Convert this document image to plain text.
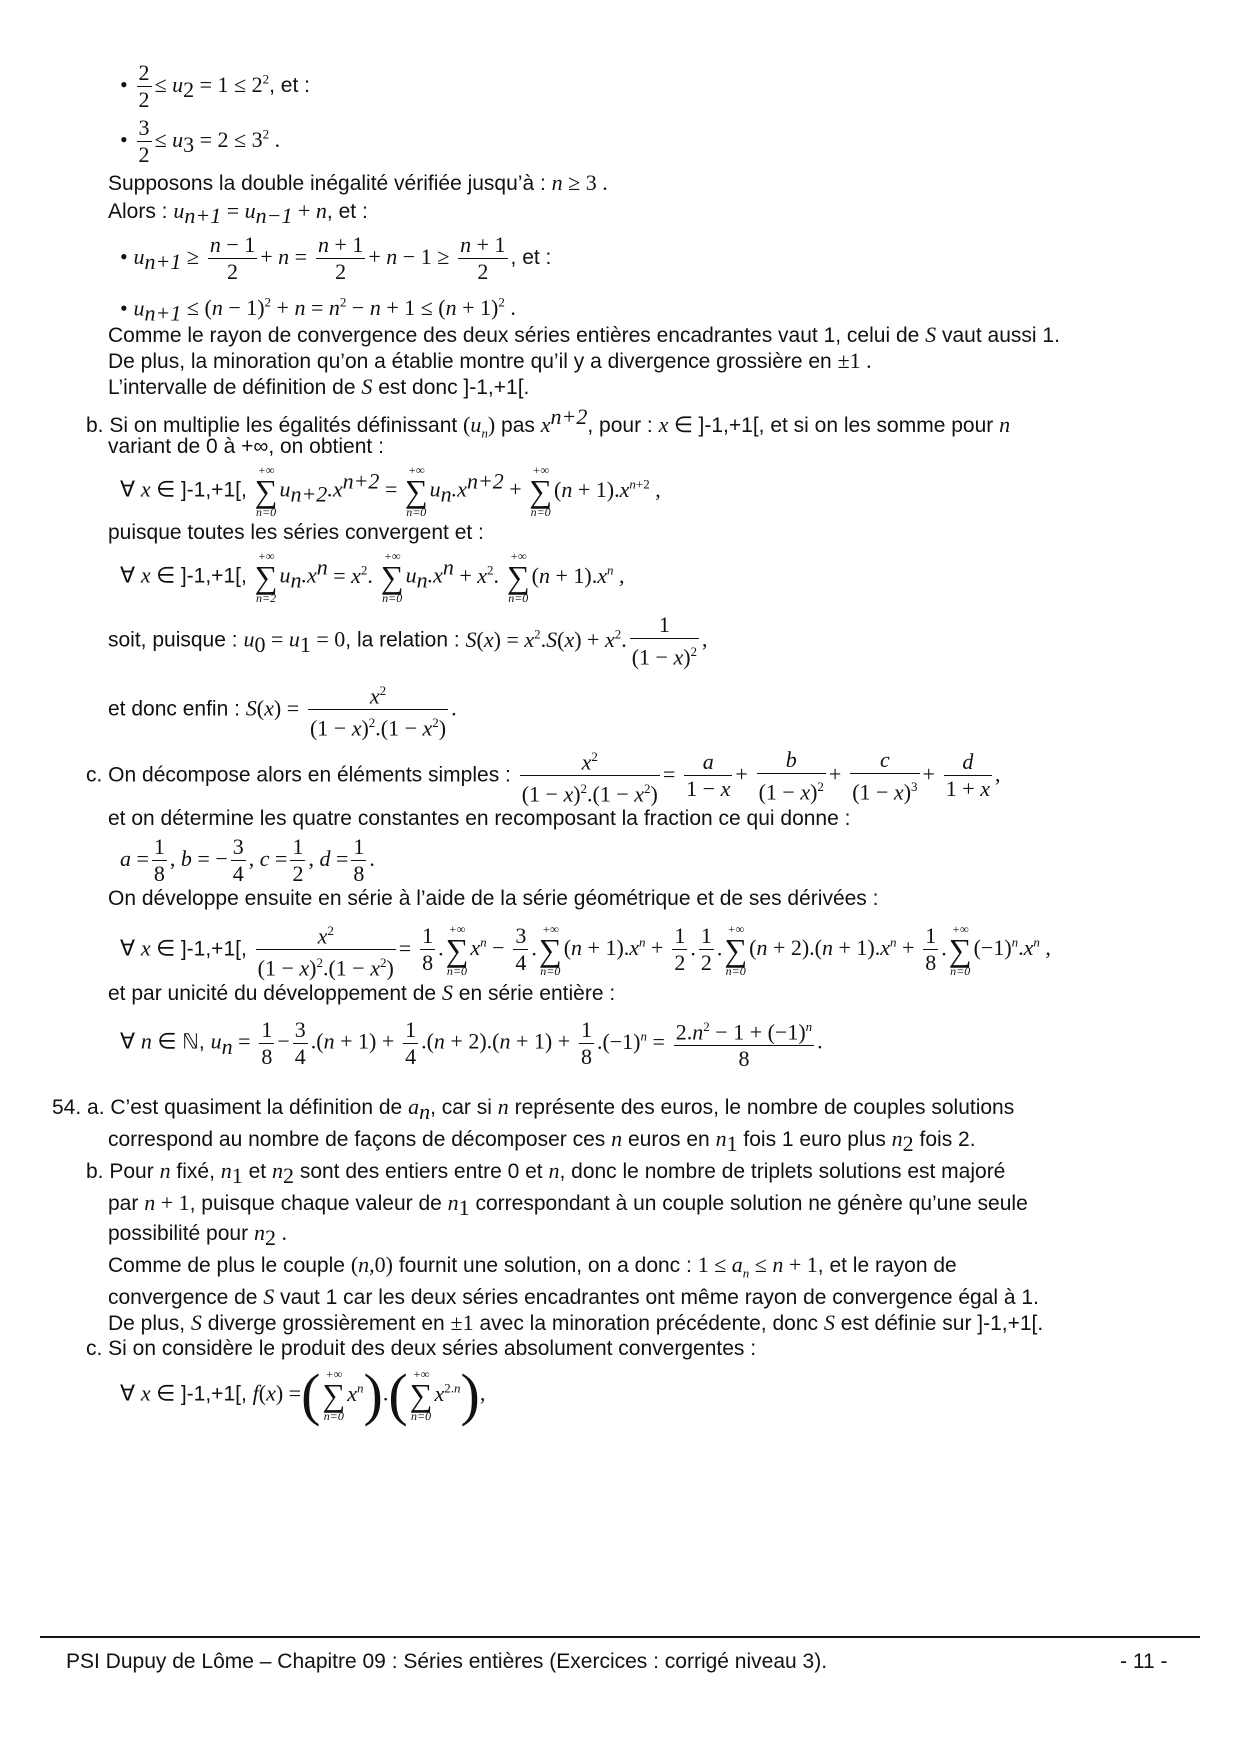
• $\frac{2}{2} \le u_2 = 1 \le 2^2$, et :
• $\frac{3}{2} \le u_3 = 2 \le 3^2$ .
Supposons la double inégalité vérifiée jusqu’à : n ≥ 3 .
Alors : $u_{n+1} = u_{n-1} + n$, et :
• $u_{n+1} \ge \frac{n - 1}{2} + n = \frac{n + 1}{2} + n - 1 \ge \frac{n + 1}{2}$ , et :
• $u_{n+1} \le (n - 1)^2 + n = n^2 - n + 1 \le (n + 1)^2$ .
Comme le rayon de convergence des deux séries entières encadrantes vaut 1, celui de S vaut aussi 1.
De plus, la minoration qu’on a établie montre qu’il y a divergence grossière en ±1 .
L’intervalle de définition de S est donc ]-1,+1[.
b. Si on multiplie les égalités définissant $(u_n)$ pas $x^{n+2}$, pour : x ∈ ]-1,+1[, et si on les somme pour n
variant de 0 à +∞, on obtient :
∀ x ∈ ]-1,+1[,
+∞
∑
n=0
$u_{n+2}.x^{n+2}$ =
+∞
∑
n=0
$u_n.x^{n+2}$ +
+∞
∑
n=0
$(n + 1).x^{n+2}$ ,
puisque toutes les séries convergent et :
∀ x ∈ ]-1,+1[,
+∞
∑
n=2
$u_n.x^n = x^2$.
+∞
∑
n=0
$u_n.x^n + x^2$.
+∞
∑
n=0
$(n + 1).x^n$ ,
soit, puisque : $u_0 = u_1 = 0$, la relation : $S(x) = x^2.S(x) + x^2$. $\frac{1}{(1 - x)^2}$ ,
et donc enfin : $S(x) = \frac{x^2}{(1 - x)^2.(1 - x^2)}$ .
c. On décompose alors en éléments simples : $\frac{x^2}{(1 - x)^2.(1 - x^2)} = \frac{a}{1 - x} + \frac{b}{(1 - x)^2} + \frac{c}{(1 - x)^3} + \frac{d}{1 + x}$ ,
et on détermine les quatre constantes en recomposant la fraction ce qui donne :
$a = \frac{1}{8}$ , b = − $\frac{3}{4}$ , $c = \frac{1}{2}$ , $d = \frac{1}{8}$ .
On développe ensuite en série à l’aide de la série géométrique et de ses dérivées :
∀ x ∈ ]-1,+1[, $\frac{x^2}{(1 - x)^2.(1 - x^2)} = \frac{1}{8}$ .
+∞
∑
n=0
$x^n - \frac{3}{4}$ .
+∞
∑
n=0
$(n + 1).x^n + \frac{1}{2}$ . $\frac{1}{2}$ .
+∞
∑
n=0
$(n + 2).(n + 1).x^n + \frac{1}{8}$ .
+∞
∑
n=0
$(-1)^n.x^n$ ,
et par unicité du développement de S en série entière :
∀ n ∈ ℕ, $u_n = \frac{1}{8} - \frac{3}{4} .(n + 1) + \frac{1}{4} .(n + 2).(n + 1) + \frac{1}{8} .(-1)^n = \frac{2.n^2 - 1 + (-1)^n}{8}$ .
54. a. C’est quasiment la définition de $a_n$, car si n représente des euros, le nombre de couples solutions
correspond au nombre de façons de décomposer ces n euros en $n_1$ fois 1 euro plus $n_2$ fois 2.
b. Pour n fixé, $n_1$ et $n_2$ sont des entiers entre 0 et n, donc le nombre de triplets solutions est majoré
par n + 1, puisque chaque valeur de $n_1$ correspondant à un couple solution ne génère qu’une seule
possibilité pour $n_2$ .
Comme de plus le couple (n,0) fournit une solution, on a donc : $1 \le a_n \le n + 1$, et le rayon de
convergence de S vaut 1 car les deux séries encadrantes ont même rayon de convergence égal à 1.
De plus, S diverge grossièrement en ±1 avec la minoration précédente, donc S est définie sur ]-1,+1[.
c. Si on considère le produit des deux séries absolument convergentes :
∀ x ∈ ]-1,+1[, f(x) =( +∞
∑
n=0
$x^n$).( +∞
∑
n=0
$x^{2.n}$),
PSI Dupuy de Lôme – Chapitre 09 : Séries entières (Exercices : corrigé niveau 3).	- 11 -
